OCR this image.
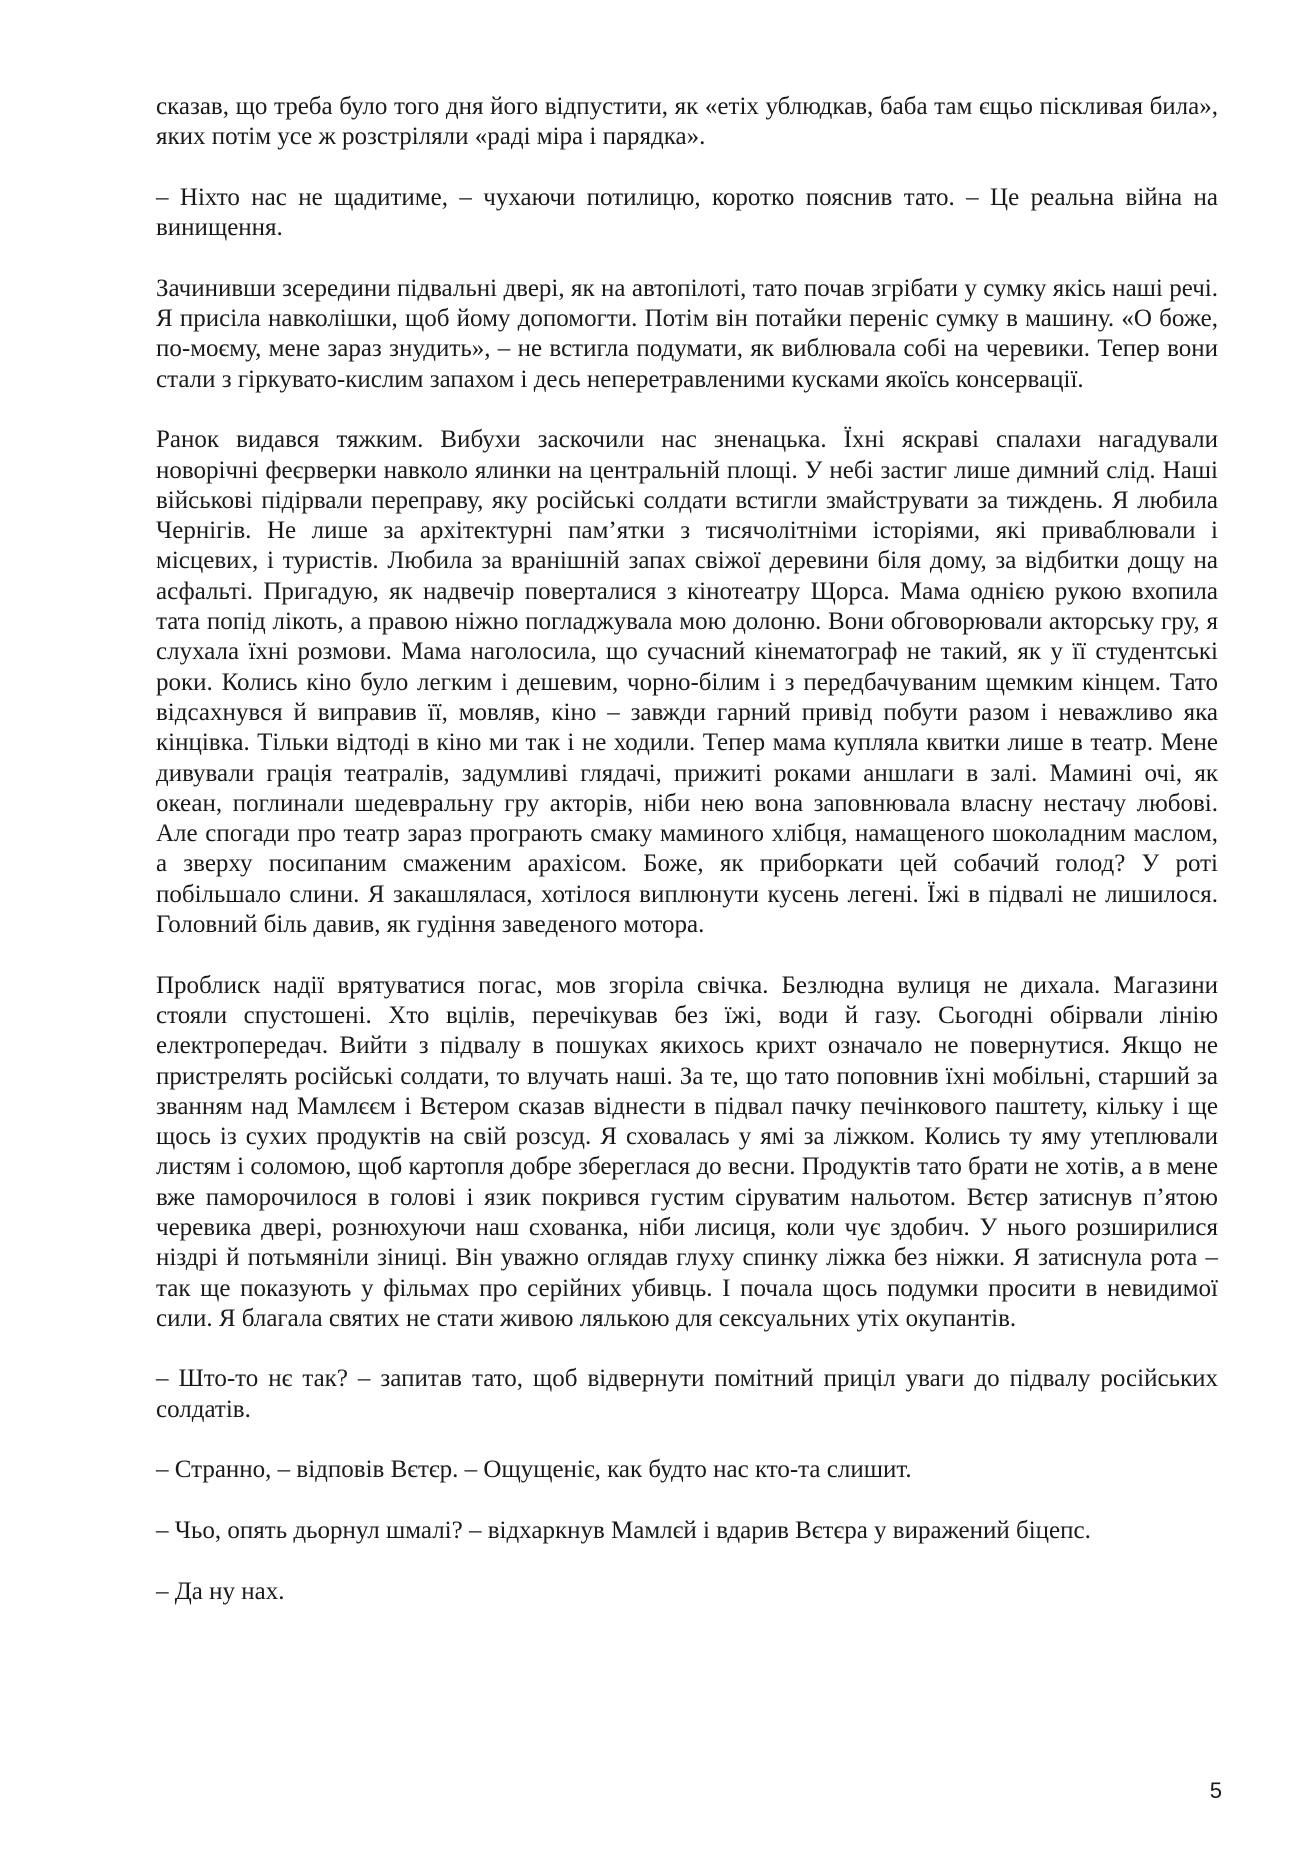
сказав, що треба було того дня його відпустити, як «етіх ублюдкав, баба там єщьо піскливая била», яких потім усе ж розстріляли «раді міра і парядка».

– Ніхто нас не щадитиме, – чухаючи потилицю, коротко пояснив тато. – Це реальна війна на винищення.

Зачинивши зсередини підвальні двері, як на автопілоті, тато почав згрібати у сумку якісь наші речі. Я присіла навколішки, щоб йому допомогти. Потім він потайки переніс сумку в машину. «О боже, по-моєму, мене зараз знудить», – не встигла подумати, як виблювала собі на черевики. Тепер вони стали з гіркувато-кислим запахом і десь неперетравленими кусками якоїсь консервації.

Ранок видався тяжким. Вибухи заскочили нас зненацька. Їхні яскраві спалахи нагадували новорічні феєрверки навколо ялинки на центральній площі. У небі застиг лише димний слід. Наші військові підірвали переправу, яку російські солдати встигли змайструвати за тиждень. Я любила Чернігів. Не лише за архітектурні пам’ятки з тисячолітніми історіями, які приваблювали і місцевих, і туристів. Любила за вранішній запах свіжої деревини біля дому, за відбитки дощу на асфальті. Пригадую, як надвечір поверталися з кінотеатру Щорса. Мама однією рукою вхопила тата попід лікоть, а правою ніжно погладжувала мою долоню. Вони обговорювали акторську гру, я слухала їхні розмови. Мама наголосила, що сучасний кінематограф не такий, як у її студентські роки. Колись кіно було легким і дешевим, чорно-білим і з передбачуваним щемким кінцем. Тато відсахнувся й виправив її, мовляв, кіно – завжди гарний привід побути разом і неважливо яка кінцівка. Тільки відтоді в кіно ми так і не ходили. Тепер мама купляла квитки лише в театр. Мене дивували грація театралів, задумливі глядачі, прижиті роками аншлаги в залі. Мамині очі, як океан, поглинали шедевральну гру акторів, ніби нею вона заповнювала власну нестачу любові. Але спогади про театр зараз програють смаку маминого хлібця, намащеного шоколадним маслом, а зверху посипаним смаженим арахісом. Боже, як приборкати цей собачий голод? У роті побільшало слини. Я закашлялася, хотілося виплюнути кусень легені. Їжі в підвалі не лишилося. Головний біль давив, як гудіння заведеного мотора.

Проблиск надії врятуватися погас, мов згоріла свічка. Безлюдна вулиця не дихала. Магазини стояли спустошені. Хто вцілів, перечікував без їжі, води й газу. Сьогодні обірвали лінію електропередач. Вийти з підвалу в пошуках якихось крихт означало не повернутися. Якщо не пристрелять російські солдати, то влучать наші. За те, що тато поповнив їхні мобільні, старший за званням над Мамлєєм і Вєтером сказав віднести в підвал пачку печінкового паштету, кільку і ще щось із сухих продуктів на свій розсуд. Я сховалась у ямі за ліжком. Колись ту яму утеплювали листям і соломою, щоб картопля добре збереглася до весни. Продуктів тато брати не хотів, а в мене вже паморочилося в голові і язик покрився густим сіруватим нальотом. Вєтєр затиснув п’ятою черевика двері, рознюхуючи наш схованка, ніби лисиця, коли чує здобич. У нього розширилися ніздрі й потьмяніли зіниці. Він уважно оглядав глуху спинку ліжка без ніжки. Я затиснула рота – так ще показують у фільмах про серійних убивць. І почала щось подумки просити в невидимої сили. Я благала святих не стати живою лялькою для сексуальних утіх окупантів.

– Што-то нє так? – запитав тато, щоб відвернути помітний приціл уваги до підвалу російських солдатів.

– Странно, – відповів Вєтєр. – Ощущеніє, как будто нас кто-та слишит.

– Чьо, опять дьорнул шмалі? – відхаркнув Мамлєй і вдарив Вєтєра у виражений біцепс.

– Да ну нах.

5
